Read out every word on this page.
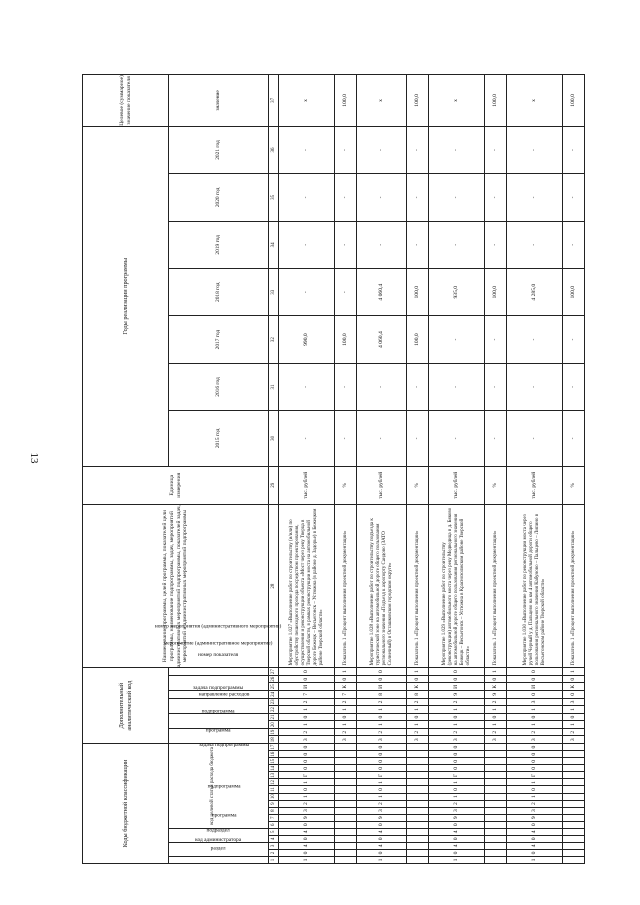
13
Коды бюджетной классификации																	Дополнительный аналитический код										Наименование программы, целей программы, показателей цели программы, наименование подпрограммы, задач, мероприятий административных мероприятий подпрограммы, показателей задач, мероприятий и административных мероприятий подпрограммы	Единица измерения	Годы реализации программы							Целевое (суммарное) значение показателя
код администратора	раздел		подраздел		код целевой статьи расхода бюджета
программа
подпрограмма
задача подпрограммы
направление расходов												программа		подпрограмма		задача подпрограммы		мероприятие (административное мероприятие)	номер мероприятия (административного мероприятия)		номер показателя			2015 год	2016 год	2017 год	2018 год	2019 год	2020 год	2021 год	значение
1	2	3	4	5	6	7	8	9	10	11	12	13	14	15	16	17	18	19	20	21	22	23	24	25	26	27	28	29	30	31	32	33	34	35	36	37
1	0	4	0	4	0	9	3	2	1	0	1	Г	0	0	0	0	3	2	1	0	1	2	7	И	0	0	Мероприятие 1.027 «Выполнение работ по строительству (и/или) по обустройству пешеходного прохода посредством проектирования, осуществления и реконструкции объекта «Мост через реку Тверца в Тверской области, в рамках реконструкции моста на автомобильной дороге Бежецк – Весьегонск – Устюжна (в районе д. Задорье) в Бежецком районе Тверской области»	тыс. рублей	-	-	990,0	-	-	-	-	x
																	3	2	1	0	1	2	7	К	0	1	Показатель 1 «Процент выполнения проектной документации»	%	-	-	100,0	-	-	-	-	100,0
1	0	4	0	4	0	9	3	2	1	0	1	Г	0	0	0	0	3	2	1	0	1	2	8	И	0	0	Мероприятие 1.028 «Выполнение работ по строительству подъезда к туристической зоне на автомобильной дороге общего пользования регионального значения «Подъезд к аэропорту Сандово (ЗАТО Солнечный) в Осташковском городском округе»	тыс. рублей	-	-	4 060,4	4 060,4	-	-	-	x
																	3	2	1	0	1	2	8	К	0	1	Показатель 1 «Процент выполнения проектной документации»	%	-	-	100,0	100,0	-	-	-	100,0
1	0	4	0	4	0	9	3	2	1	0	1	Г	0	0	0	0	3	2	1	0	1	2	9	И	0	0	Мероприятие 1.029 «Выполнение работ по строительству (реконструкции) автомобильного моста через реку Медведица в д. Бяково на автомобильной дороге общего пользования регионального значения Бежецк – Весьегонск – Устюжна в Краснохолмском районе Тверской области»	тыс. рублей	-	-	-	935,0	-	-	-	x
																	3	2	1	0	1	2	9	К	0	1	Показатель 1 «Процент выполнения проектной документации»	%	-	-	-	100,0	-	-	-	100,0
1	0	4	0	4	0	9	3	2	1	0	1	Г	0	0	0	0	3	2	1	0	1	3	0	И	0	0	Мероприятие 1.030 «Выполнение работ по реконструкции моста через ручей Черный у д. Пальцево на км 4 автомобильной дороги общего пользования регионального значения Кабуново – Пальцево – Липино в Весьегонском районе Тверской области»	тыс. рублей	-	-	-	4 285,0	-	-	-	x
																	3	2	1	0	1	3	0	К	0	1	Показатель 1 «Процент выполнения проектной документации»	%	-	-	-	100,0	-	-	-	100,0
